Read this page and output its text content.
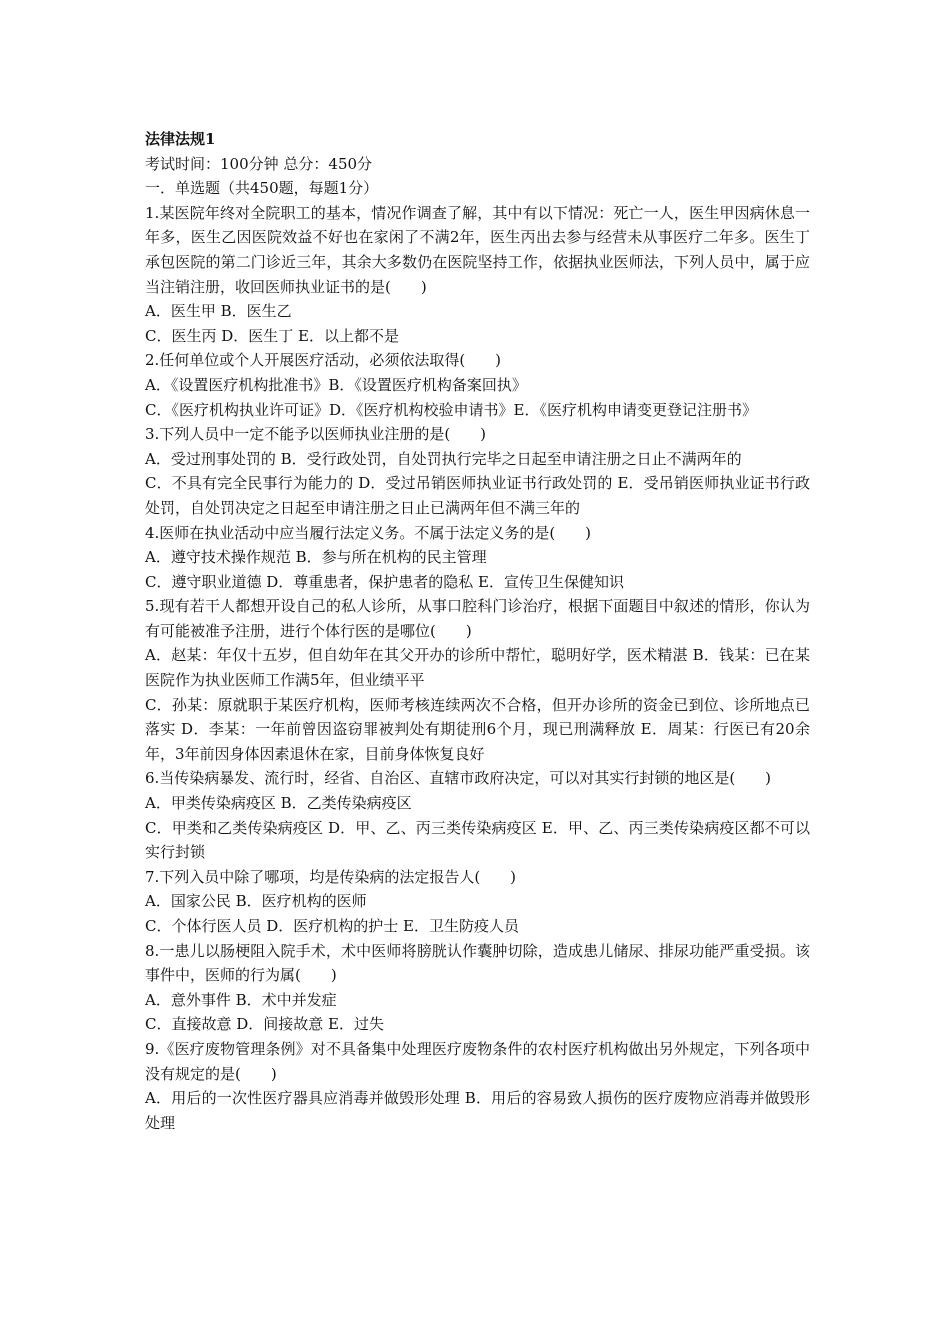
法律法规1

考试时间：100分钟 总分：450分

一．单选题（共450题，每题1分）

1.某医院年终对全院职工的基本，情况作调查了解，其中有以下情况：死亡一人，医生甲因病休息一年多，医生乙因医院效益不好也在家闲了不满2年，医生丙出去参与经营未从事医疗二年多。医生丁承包医院的第二门诊近三年，其余大多数仍在医院坚持工作，依据执业医师法，下列人员中，属于应当注销注册，收回医师执业证书的是(　　)

A．医生甲 B．医生乙

C．医生丙 D．医生丁 E．以上都不是

2.任何单位或个人开展医疗活动，必须依法取得(　　)

A．《设置医疗机构批准书》B．《设置医疗机构备案回执》

C．《医疗机构执业许可证》D．《医疗机构校验申请书》E．《医疗机构申请变更登记注册书》

3.下列人员中一定不能予以医师执业注册的是(　　)

A．受过刑事处罚的 B．受行政处罚，自处罚执行完毕之日起至申请注册之日止不满两年的

C．不具有完全民事行为能力的 D．受过吊销医师执业证书行政处罚的 E．受吊销医师执业证书行政处罚，自处罚决定之日起至申请注册之日止已满两年但不满三年的

4.医师在执业活动中应当履行法定义务。不属于法定义务的是(　　)

A．遵守技术操作规范 B．参与所在机构的民主管理

C．遵守职业道德 D．尊重患者，保护患者的隐私 E．宣传卫生保健知识

5.现有若干人都想开设自己的私人诊所，从事口腔科门诊治疗，根据下面题目中叙述的情形，你认为有可能被准予注册，进行个体行医的是哪位(　　)

A．赵某：年仅十五岁，但自幼年在其父开办的诊所中帮忙，聪明好学，医术精湛 B．钱某：已在某医院作为执业医师工作满5年，但业绩平平

C．孙某：原就职于某医疗机构，医师考核连续两次不合格，但开办诊所的资金已到位、诊所地点已落实 D．李某：一年前曾因盗窃罪被判处有期徒刑6个月，现已刑满释放 E．周某：行医已有20余年，3年前因身体因素退休在家，目前身体恢复良好

6.当传染病暴发、流行时，经省、自治区、直辖市政府决定，可以对其实行封锁的地区是(　　)

A．甲类传染病疫区 B．乙类传染病疫区

C．甲类和乙类传染病疫区 D．甲、乙、丙三类传染病疫区 E．甲、乙、丙三类传染病疫区都不可以实行封锁

7.下列入员中除了哪项，均是传染病的法定报告人(　　)

A．国家公民 B．医疗机构的医师

C．个体行医人员 D．医疗机构的护士 E．卫生防疫人员

8.一患儿以肠梗阻入院手术，术中医师将膀胱认作囊肿切除，造成患儿储尿、排尿功能严重受损。该事件中，医师的行为属(　　)

A．意外事件 B．术中并发症

C．直接故意 D．间接故意 E．过失

9.《医疗废物管理条例》对不具备集中处理医疗废物条件的农村医疗机构做出另外规定，下列各项中没有规定的是(　　)

A．用后的一次性医疗器具应消毒并做毁形处理 B．用后的容易致人损伤的医疗废物应消毒并做毁形处理
